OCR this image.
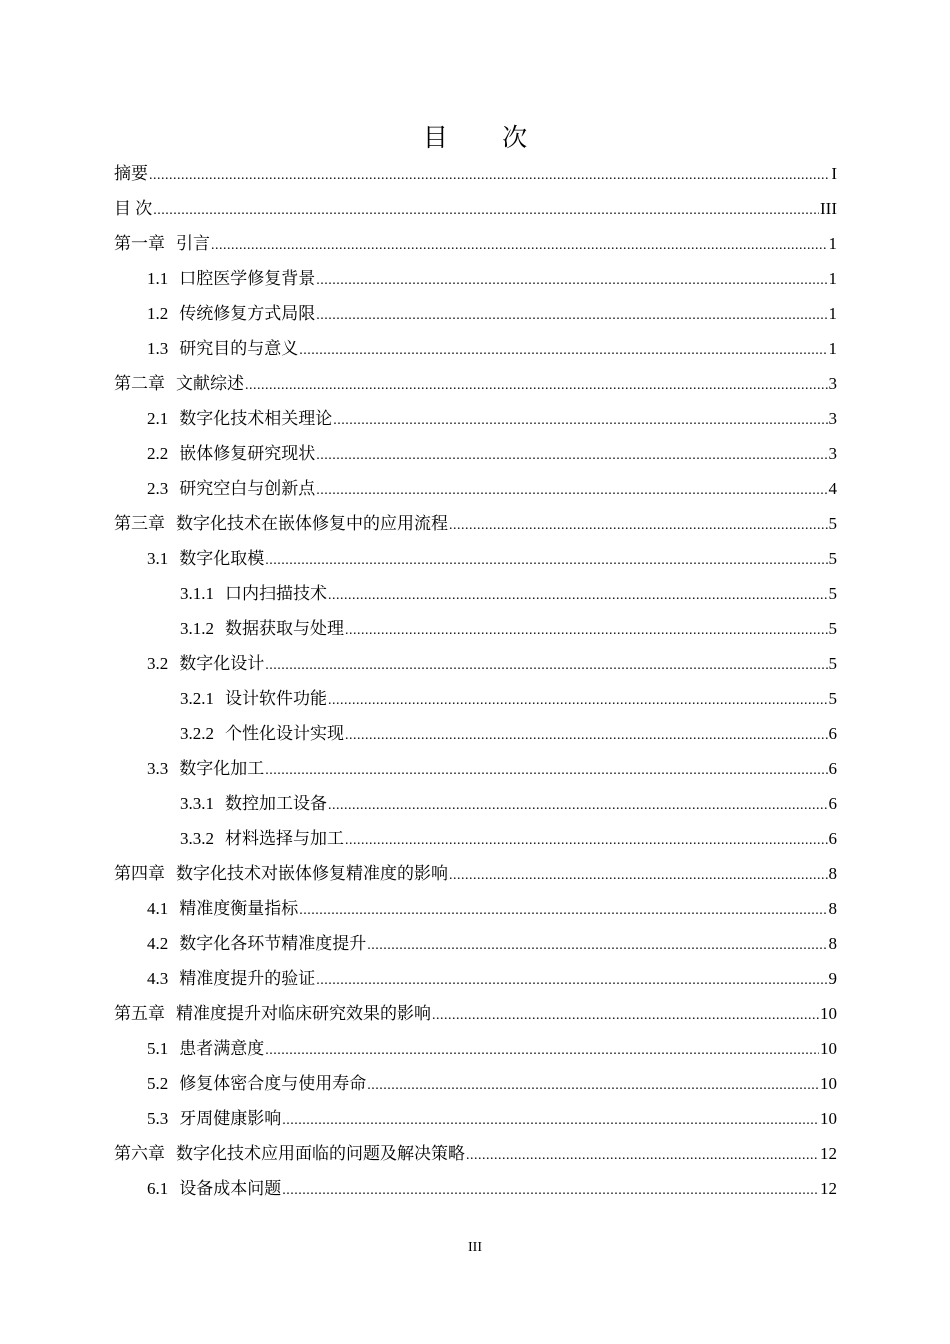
目 次
摘要 .....	I
目 次 .....	III
第一章 引言 .....	1
1.1 口腔医学修复背景 .....	1
1.2 传统修复方式局限 .....	1
1.3 研究目的与意义 .....	1
第二章 文献综述 .....	3
2.1 数字化技术相关理论 .....	3
2.2 嵌体修复研究现状 .....	3
2.3 研究空白与创新点 .....	4
第三章 数字化技术在嵌体修复中的应用流程 .....	5
3.1 数字化取模 .....	5
3.1.1 口内扫描技术 .....	5
3.1.2 数据获取与处理 .....	5
3.2 数字化设计 .....	5
3.2.1 设计软件功能 .....	5
3.2.2 个性化设计实现 .....	6
3.3 数字化加工 .....	6
3.3.1 数控加工设备 .....	6
3.3.2 材料选择与加工 .....	6
第四章 数字化技术对嵌体修复精准度的影响 .....	8
4.1 精准度衡量指标 .....	8
4.2 数字化各环节精准度提升 .....	8
4.3 精准度提升的验证 .....	9
第五章 精准度提升对临床研究效果的影响 .....	10
5.1 患者满意度 .....	10
5.2 修复体密合度与使用寿命 .....	10
5.3 牙周健康影响 .....	10
第六章 数字化技术应用面临的问题及解决策略 .....	12
6.1 设备成本问题 .....	12
III
